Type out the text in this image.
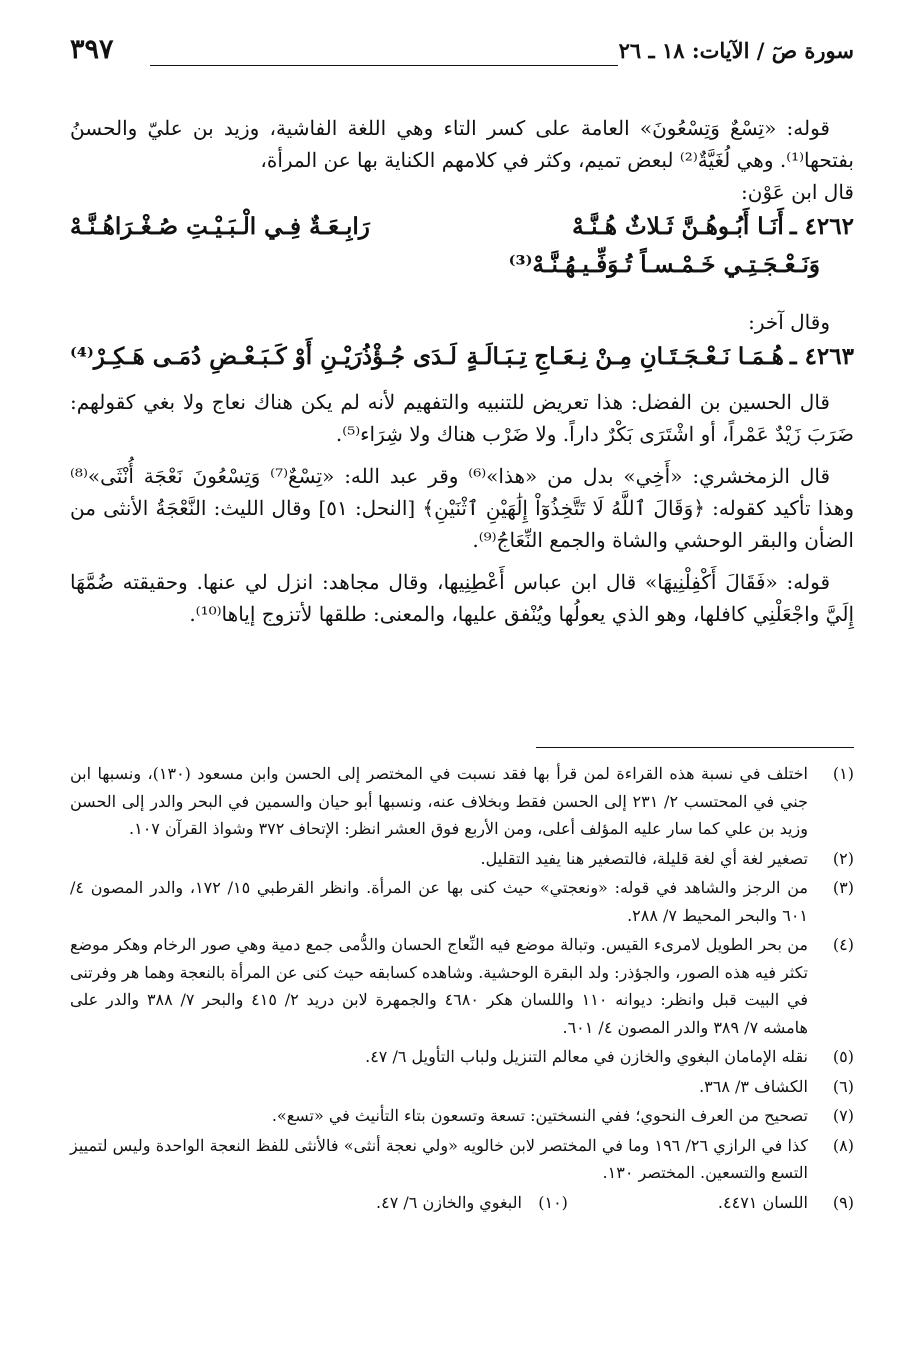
سورة صٓ / الآيات: ١٨ ـ ٢٦
٣٩٧

قوله: «تِسْعٌ وَتِسْعُونَ» العامة على كسر التاء وهي اللغة الفاشية، وزيد بن عليّ والحسنُ بفتحها⁽¹⁾. وهي لُغَيَّةٌ⁽²⁾ لبعض تميم، وكثر في كلامهم الكناية بها عن المرأة،

قال ابن عَوْن:

٤٢٦٢ ـأَنَـا أَبُـوهُـنَّ ثَـلاثٌ هُـنَّـهْ
رَابِـعَـةٌ فِـي الْـبَـيْـتِ صُـغْـرَاهُـنَّـهْ
وَنَـعْـجَـتِـي خَـمْـسـاً تُـوَفِّـيـهُـنَّـهْ⁽³⁾

وقال آخر:

٤٢٦٣ ـهُـمَـا نَـعْـجَـتَـانِ مِـنْ نِـعَـاجِ تِـبَـالَـةٍ
لَـدَى جُـؤْذُرَيْـنِ أَوْ كَـبَـعْـضِ دُمَـى هَـكِـرْ⁽⁴⁾

قال الحسين بن الفضل: هذا تعريض للتنبيه والتفهيم لأنه لم يكن هناك نعاج ولا بغي كقولهم: ضَرَبَ زَيْدٌ عَمْراً، أو اشْتَرَى بَكْرٌ داراً. ولا ضَرْب هناك ولا شِرَاء⁽⁵⁾.

قال الزمخشري: «أَخِي» بدل من «هذا»⁽⁶⁾ وقر عبد الله: «تِسْعٌ⁽⁷⁾ وَتِسْعُونَ نَعْجَة أُنْثَى»⁽⁸⁾ وهذا تأكيد كقوله: ﴿وَقَالَ ٱللَّهُ لَا تَتَّخِذُوٓاْ إِلَٰهَيْنِ ٱثْنَيْنِ﴾ [النحل: ٥١] وقال الليث: النَّعْجَةُ الأنثى من الضأن والبقر الوحشي والشاة والجمع النِّعَاجُ⁽⁹⁾.

قوله: «فَقَالَ أَكْفِلْنِيهَا» قال ابن عباس أَعْطِنِيها، وقال مجاهد: انزل لي عنها. وحقيقته ضُمَّهَا إِلَيَّ واجْعَلْنِي كافلها، وهو الذي يعولُها ويُنْفق عليها، والمعنى: طلقها لأتزوج إياها⁽¹⁰⁾.

(١)
اختلف في نسبة هذه القراءة لمن قرأ بها فقد نسبت في المختصر إلى الحسن وابن مسعود (١٣٠)، ونسبها ابن جني في المحتسب ٢/ ٢٣١ إلى الحسن فقط وبخلاف عنه، ونسبها أبو حيان والسمين في البحر والدر إلى الحسن وزيد بن علي كما سار عليه المؤلف أعلى، ومن الأربع فوق العشر انظر: الإتحاف ٣٧٢ وشواذ القرآن ١٠٧.
(٢)
تصغير لغة أي لغة قليلة، فالتصغير هنا يفيد التقليل.
(٣)
من الرجز والشاهد في قوله: «ونعجتي» حيث كنى بها عن المرأة. وانظر القرطبي ١٥/ ١٧٢، والدر المصون ٤/ ٦٠١ والبحر المحيط ٧/ ٢٨٨.
(٤)
من بحر الطويل لامرىء القيس. وتبالة موضع فيه النِّعاج الحسان والدُّمى جمع دمية وهي صور الرخام وهكر موضع تكثر فيه هذه الصور، والجؤذر: ولد البقرة الوحشية. وشاهده كسابقه حيث كنى عن المرأة بالنعجة وهما هر وفرتنى في البيت قبل وانظر: ديوانه ١١٠ واللسان هكر ٤٦٨٠ والجمهرة لابن دريد ٢/ ٤١٥ والبحر ٧/ ٣٨٨ والدر على هامشه ٧/ ٣٨٩ والدر المصون ٤/ ٦٠١.
(٥)
نقله الإمامان البغوي والخازن في معالم التنزيل ولباب التأويل ٦/ ٤٧.
(٦)
الكشاف ٣/ ٣٦٨.
(٧)
تصحيح من العرف النحوي؛ ففي النسختين: تسعة وتسعون بتاء التأنيث في «تسع».
(٨)
كذا في الرازي ٢٦/ ١٩٦ وما في المختصر لابن خالويه «ولي نعجة أنثى» فالأنثى للفظ النعجة الواحدة وليس لتمييز التسع والتسعين. المختصر ١٣٠.
(٩)
اللسان ٤٤٧١.
(١٠)
البغوي والخازن ٦/ ٤٧.
